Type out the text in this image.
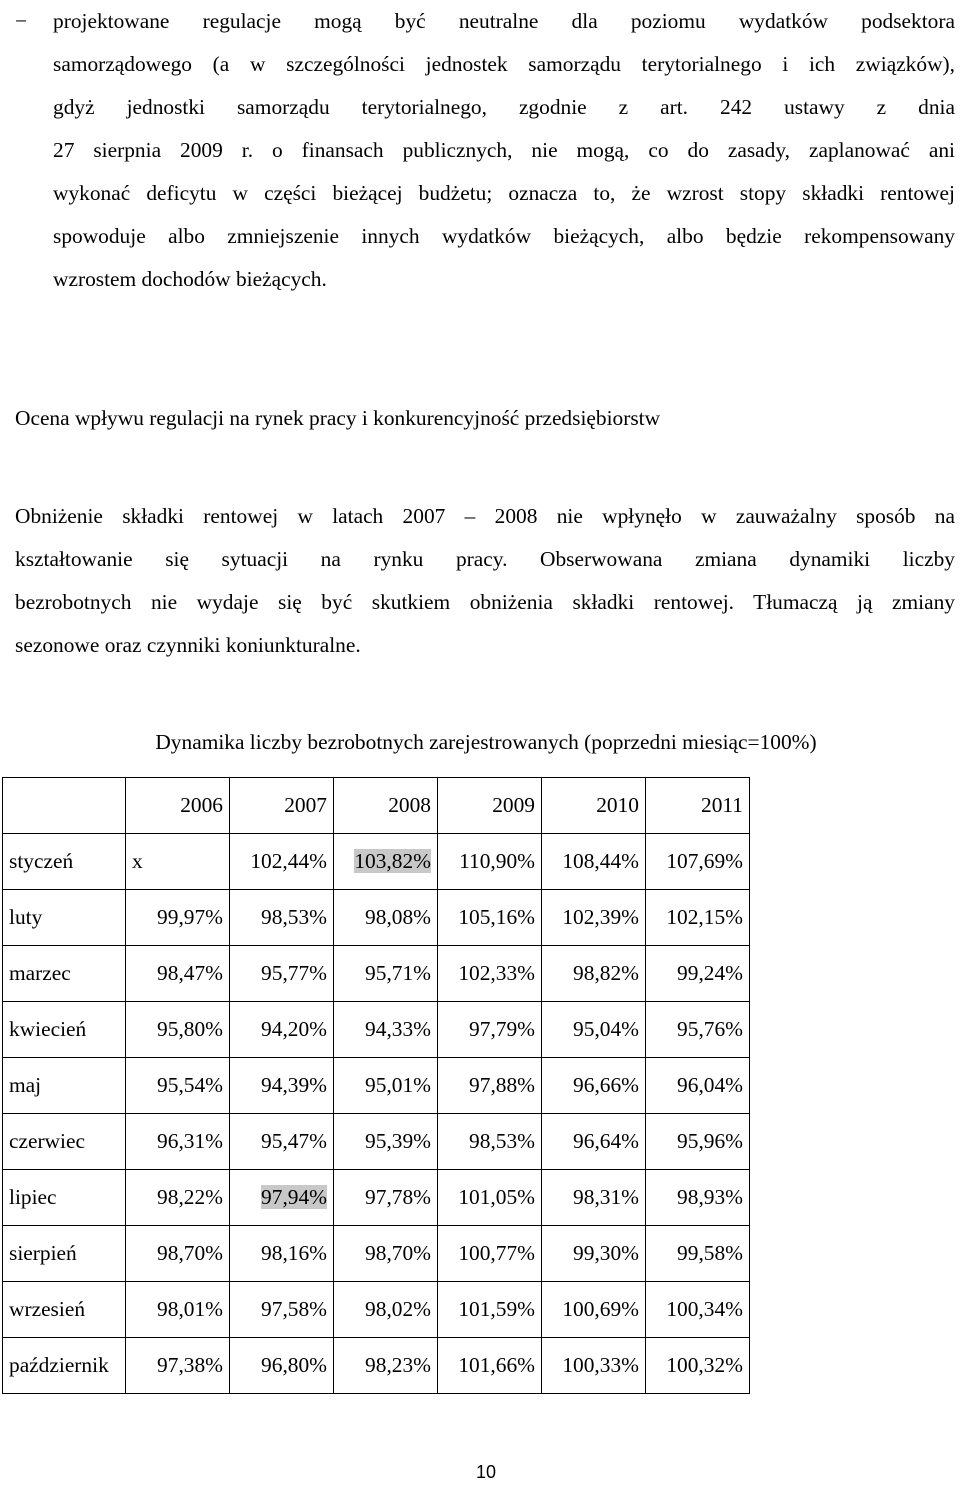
−	projektowane regulacje mogą być neutralne dla poziomu wydatków podsektora
samorządowego (a w szczególności jednostek samorządu terytorialnego i ich związków),
gdyż jednostki samorządu terytorialnego, zgodnie z art. 242 ustawy z dnia
27 sierpnia 2009 r. o finansach publicznych, nie mogą, co do zasady, zaplanować ani
wykonać deficytu w części bieżącej budżetu; oznacza to, że wzrost stopy składki rentowej
spowoduje albo zmniejszenie innych wydatków bieżących, albo będzie rekompensowany
wzrostem dochodów bieżących.
Ocena wpływu regulacji na rynek pracy i konkurencyjność przedsiębiorstw
Obniżenie składki rentowej w latach 2007 – 2008 nie wpłynęło w zauważalny sposób na
kształtowanie się sytuacji na rynku pracy. Obserwowana zmiana dynamiki liczby
bezrobotnych nie wydaje się być skutkiem obniżenia składki rentowej. Tłumaczą ją zmiany
sezonowe oraz czynniki koniunkturalne.
Dynamika liczby bezrobotnych zarejestrowanych (poprzedni miesiąc=100%)
	2006	2007	2008	2009	2010	2011
styczeń	x	102,44%	103,82%	110,90%	108,44%	107,69%
luty	99,97%	98,53%	98,08%	105,16%	102,39%	102,15%
marzec	98,47%	95,77%	95,71%	102,33%	98,82%	99,24%
kwiecień	95,80%	94,20%	94,33%	97,79%	95,04%	95,76%
maj	95,54%	94,39%	95,01%	97,88%	96,66%	96,04%
czerwiec	96,31%	95,47%	95,39%	98,53%	96,64%	95,96%
lipiec	98,22%	97,94%	97,78%	101,05%	98,31%	98,93%
sierpień	98,70%	98,16%	98,70%	100,77%	99,30%	99,58%
wrzesień	98,01%	97,58%	98,02%	101,59%	100,69%	100,34%
październik	97,38%	96,80%	98,23%	101,66%	100,33%	100,32%
10
